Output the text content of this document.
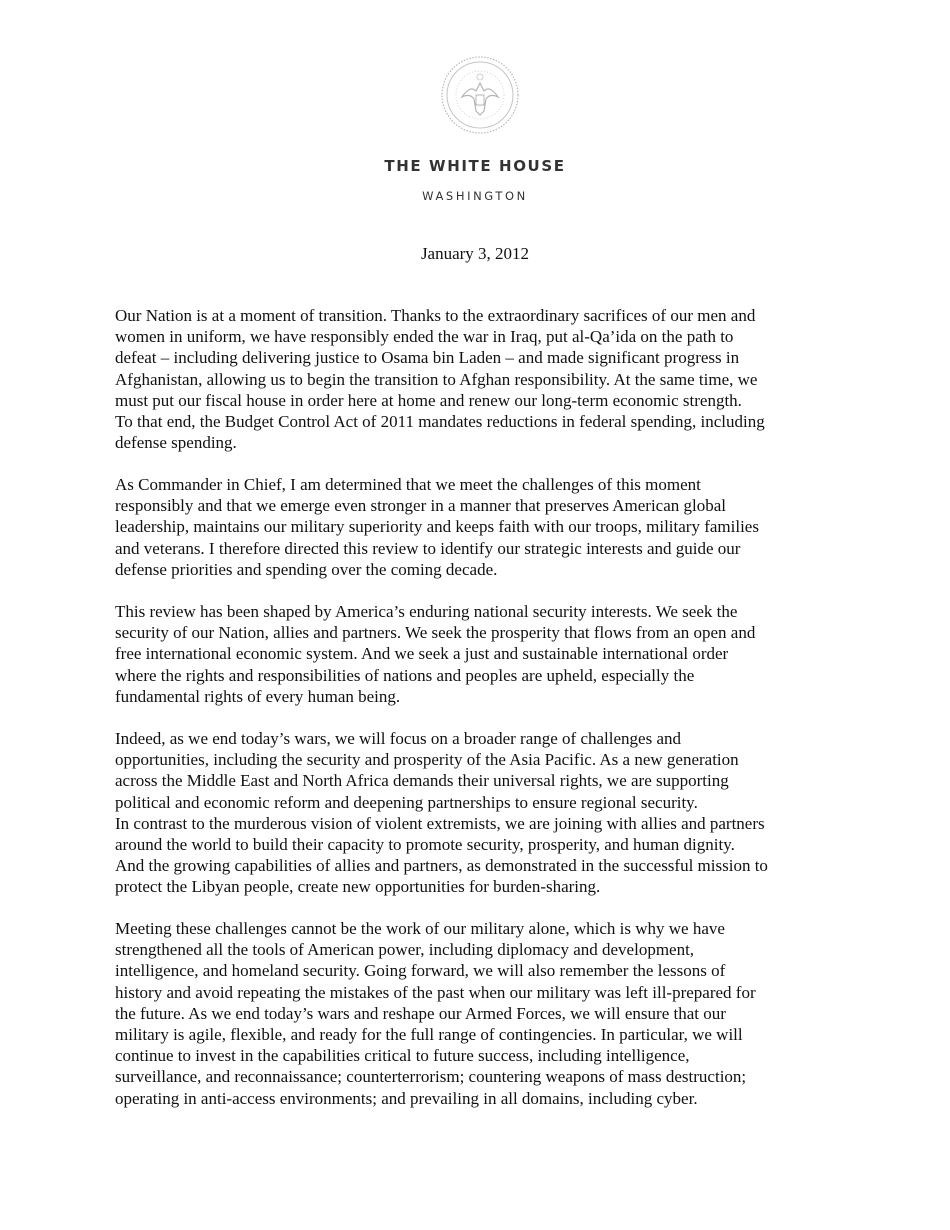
THE WHITE HOUSE
WASHINGTON
January 3, 2012
Our Nation is at a moment of transition. Thanks to the extraordinary sacrifices of our men and
women in uniform, we have responsibly ended the war in Iraq, put al-Qa’ida on the path to
defeat – including delivering justice to Osama bin Laden – and made significant progress in
Afghanistan, allowing us to begin the transition to Afghan responsibility. At the same time, we
must put our fiscal house in order here at home and renew our long-term economic strength.
To that end, the Budget Control Act of 2011 mandates reductions in federal spending, including
defense spending.
As Commander in Chief, I am determined that we meet the challenges of this moment
responsibly and that we emerge even stronger in a manner that preserves American global
leadership, maintains our military superiority and keeps faith with our troops, military families
and veterans. I therefore directed this review to identify our strategic interests and guide our
defense priorities and spending over the coming decade.
This review has been shaped by America’s enduring national security interests. We seek the
security of our Nation, allies and partners. We seek the prosperity that flows from an open and
free international economic system. And we seek a just and sustainable international order
where the rights and responsibilities of nations and peoples are upheld, especially the
fundamental rights of every human being.
Indeed, as we end today’s wars, we will focus on a broader range of challenges and
opportunities, including the security and prosperity of the Asia Pacific. As a new generation
across the Middle East and North Africa demands their universal rights, we are supporting
political and economic reform and deepening partnerships to ensure regional security.
In contrast to the murderous vision of violent extremists, we are joining with allies and partners
around the world to build their capacity to promote security, prosperity, and human dignity.
And the growing capabilities of allies and partners, as demonstrated in the successful mission to
protect the Libyan people, create new opportunities for burden-sharing.
Meeting these challenges cannot be the work of our military alone, which is why we have
strengthened all the tools of American power, including diplomacy and development,
intelligence, and homeland security. Going forward, we will also remember the lessons of
history and avoid repeating the mistakes of the past when our military was left ill-prepared for
the future. As we end today’s wars and reshape our Armed Forces, we will ensure that our
military is agile, flexible, and ready for the full range of contingencies. In particular, we will
continue to invest in the capabilities critical to future success, including intelligence,
surveillance, and reconnaissance; counterterrorism; countering weapons of mass destruction;
operating in anti-access environments; and prevailing in all domains, including cyber.
